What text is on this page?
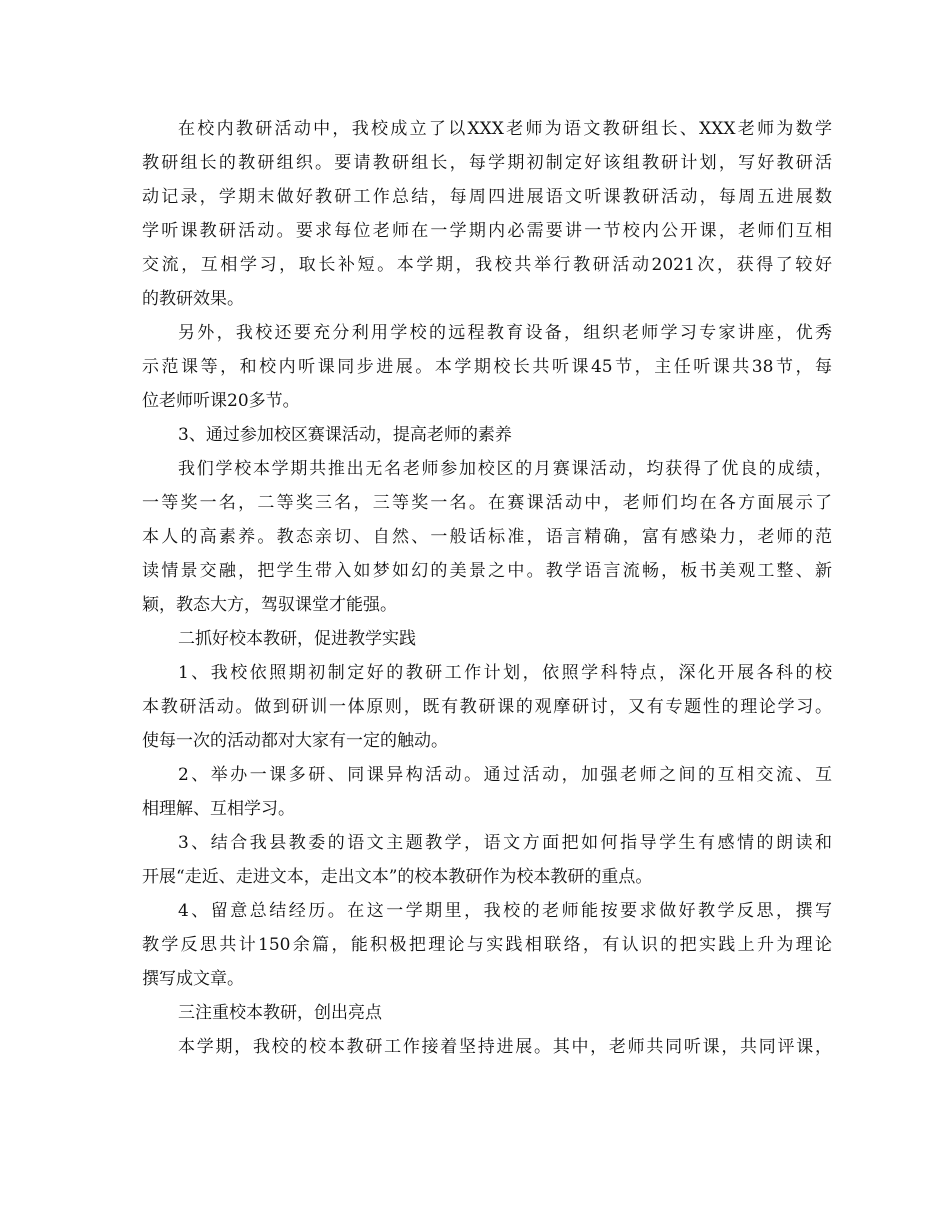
在校内教研活动中，我校成立了以XXX老师为语文教研组长、XXX老师为数学
教研组长的教研组织。要请教研组长，每学期初制定好该组教研计划，写好教研活
动记录，学期末做好教研工作总结，每周四进展语文听课教研活动，每周五进展数
学听课教研活动。要求每位老师在一学期内必需要讲一节校内公开课，老师们互相
交流，互相学习，取长补短。本学期，我校共举行教研活动2021次，获得了较好
的教研效果。
另外，我校还要充分利用学校的远程教育设备，组织老师学习专家讲座，优秀
示范课等，和校内听课同步进展。本学期校长共听课45节，主任听课共38节，每
位老师听课20多节。
3、通过参加校区赛课活动，提高老师的素养
我们学校本学期共推出无名老师参加校区的月赛课活动，均获得了优良的成绩，
一等奖一名，二等奖三名，三等奖一名。在赛课活动中，老师们均在各方面展示了
本人的高素养。教态亲切、自然、一般话标准，语言精确，富有感染力，老师的范
读情景交融，把学生带入如梦如幻的美景之中。教学语言流畅，板书美观工整、新
颖，教态大方，驾驭课堂才能强。
二抓好校本教研，促进教学实践
1、我校依照期初制定好的教研工作计划，依照学科特点，深化开展各科的校
本教研活动。做到研训一体原则，既有教研课的观摩研讨，又有专题性的理论学习。
使每一次的活动都对大家有一定的触动。
2、举办一课多研、同课异构活动。通过活动，加强老师之间的互相交流、互
相理解、互相学习。
3、结合我县教委的语文主题教学，语文方面把如何指导学生有感情的朗读和
开展“走近、走进文本，走出文本”的校本教研作为校本教研的重点。
4、留意总结经历。在这一学期里，我校的老师能按要求做好教学反思，撰写
教学反思共计150余篇，能积极把理论与实践相联络，有认识的把实践上升为理论
撰写成文章。
三注重校本教研，创出亮点
本学期，我校的校本教研工作接着坚持进展。其中，老师共同听课，共同评课，
